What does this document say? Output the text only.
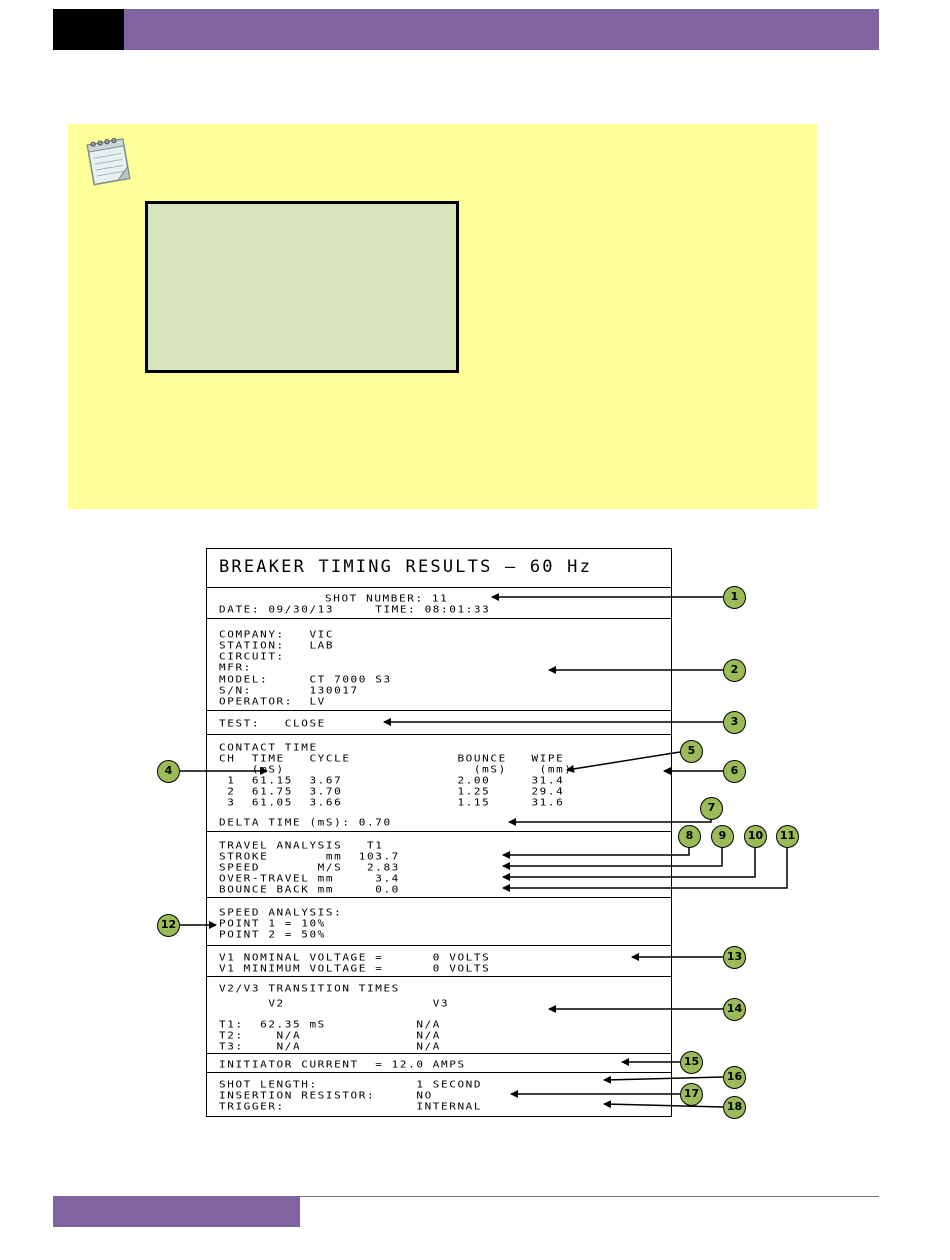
BREAKER TIMING RESULTS – 60 Hz
SHOT NUMBER: 11
DATE: 09/30/13     TIME: 08:01:33
COMPANY:   VIC
STATION:   LAB
CIRCUIT:
MFR:
MODEL:     CT 7000 S3
S/N:       130017
OPERATOR:  LV
TEST:   CLOSE
CONTACT TIME
CH  TIME   CYCLE             BOUNCE   WIPE
(mS)                       (mS)    (mm)
1  61.15  3.67              2.00     31.4
2  61.75  3.70              1.25     29.4
3  61.05  3.66              1.15     31.6
DELTA TIME (mS): 0.70
TRAVEL ANALYSIS   T1
STROKE       mm  103.7
SPEED       M/S   2.83
OVER-TRAVEL mm     3.4
BOUNCE BACK mm     0.0
SPEED ANALYSIS:
POINT 1 = 10%
POINT 2 = 50%
V1 NOMINAL VOLTAGE =      0 VOLTS
V1 MINIMUM VOLTAGE =      0 VOLTS
V2/V3 TRANSITION TIMES
V2                  V3
T1:  62.35 mS           N/A
T2:    N/A              N/A
T3:    N/A              N/A
INITIATOR CURRENT  = 12.0 AMPS
SHOT LENGTH:            1 SECOND
INSERTION RESISTOR:     NO
TRIGGER:                INTERNAL
1
2
3
4
5
6
7
8	9	10	11
12
13
14
15
16
17
18
